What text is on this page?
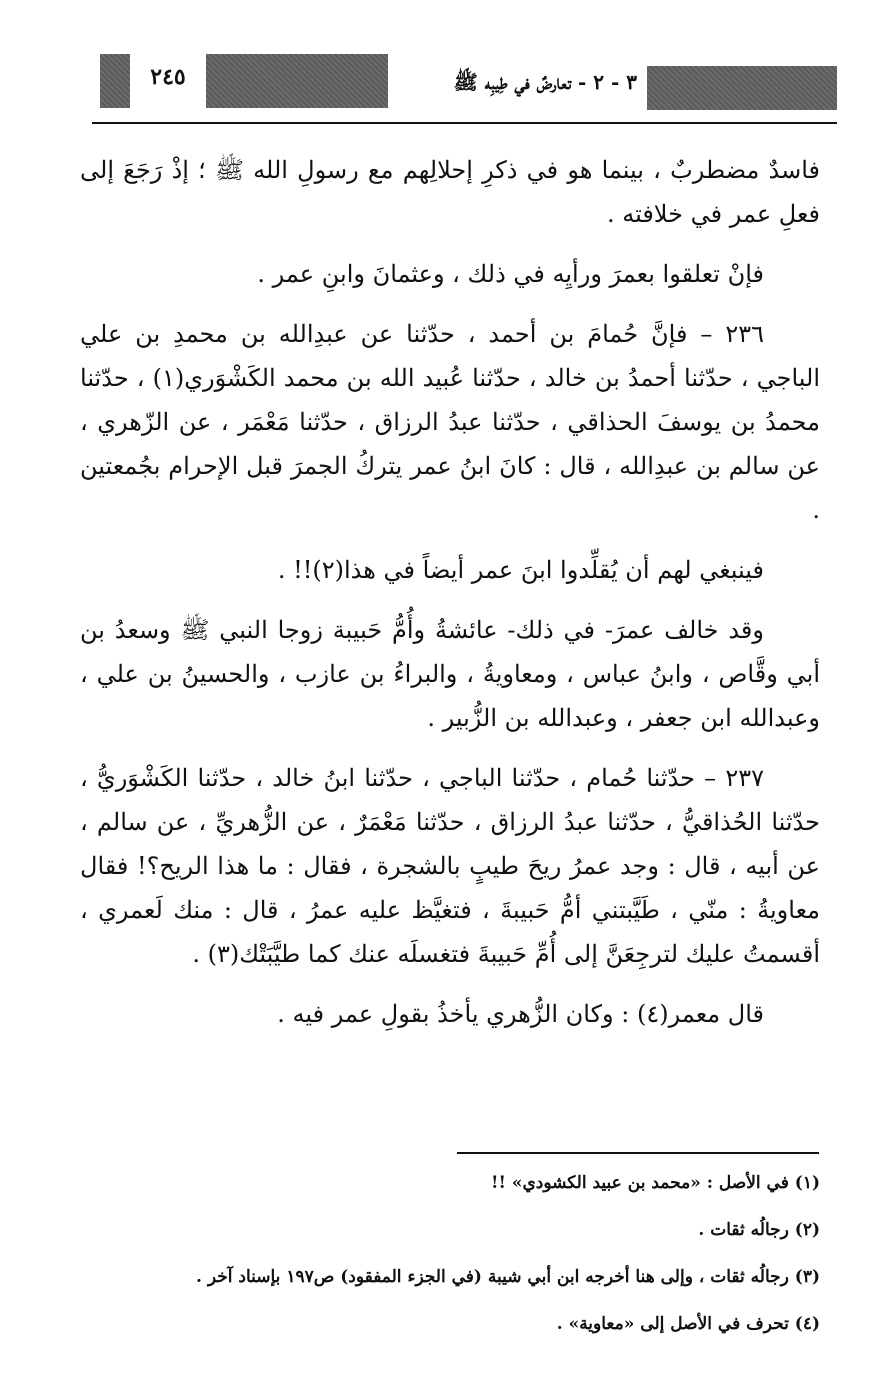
٢٤٥	٣ - ٢ - تعارضٌ في طِيبِه ﷺ

فاسدٌ مضطربٌ ، بينما هو في ذكرِ إحلالِهم مع رسولِ الله ﷺ ؛ إذْ رَجَعَ إلى فعلِ عمر في خلافته .

فإنْ تعلقوا بعمرَ ورأيِه في ذلك ، وعثمانَ وابنِ عمر .

٢٣٦ – فإنَّ حُمامَ بن أحمد ، حدّثنا عن عبدِالله بن محمدِ بن علي الباجي ، حدّثنا أحمدُ بن خالد ، حدّثنا عُبيد الله بن محمد الكَشْوَري(١) ، حدّثنا محمدُ بن يوسفَ الحذاقي ، حدّثنا عبدُ الرزاق ، حدّثنا مَعْمَر ، عن الزّهري ، عن سالم بن عبدِالله ، قال : كانَ ابنُ عمر يتركُ الجمرَ قبل الإحرام بجُمعتين .

فينبغي لهم أن يُقلِّدوا ابنَ عمر أيضاً في هذا(٢)!! .

وقد خالف عمرَ- في ذلك- عائشةُ وأُمُّ حَبيبة زوجا النبي ﷺ وسعدُ بن أبي وقَّاص ، وابنُ عباس ، ومعاويةُ ، والبراءُ بن عازب ، والحسينُ بن علي ، وعبدالله ابن جعفر ، وعبدالله بن الزُّبير .

٢٣٧ – حدّثنا حُمام ، حدّثنا الباجي ، حدّثنا ابنُ خالد ، حدّثنا الكَشْوَريُّ ، حدّثنا الحُذاقيُّ ، حدّثنا عبدُ الرزاق ، حدّثنا مَعْمَرٌ ، عن الزُّهريِّ ، عن سالم ، عن أبيه ، قال : وجد عمرُ ريحَ طيبٍ بالشجرة ، فقال : ما هذا الريح؟! فقال معاويةُ : منّي ، طَيَّبتني أمُّ حَبيبةَ ، فتغيَّظ عليه عمرُ ، قال : منك لَعمري ، أقسمتُ عليك لترجِعَنَّ إلى أُمِّ حَبيبةَ فتغسلَه عنك كما طيَّبَتْك(٣) .

قال معمر(٤) : وكان الزُّهري يأخذُ بقولِ عمر فيه .

(١) في الأصل : «محمد بن عبيد الكشودي» !!
(٢) رجالُه ثقات .
(٣) رجالُه ثقات ، وإلى هنا أخرجه ابن أبي شيبة (في الجزء المفقود) ص١٩٧ بإسناد آخر .
(٤) تحرف في الأصل إلى «معاوية» .
